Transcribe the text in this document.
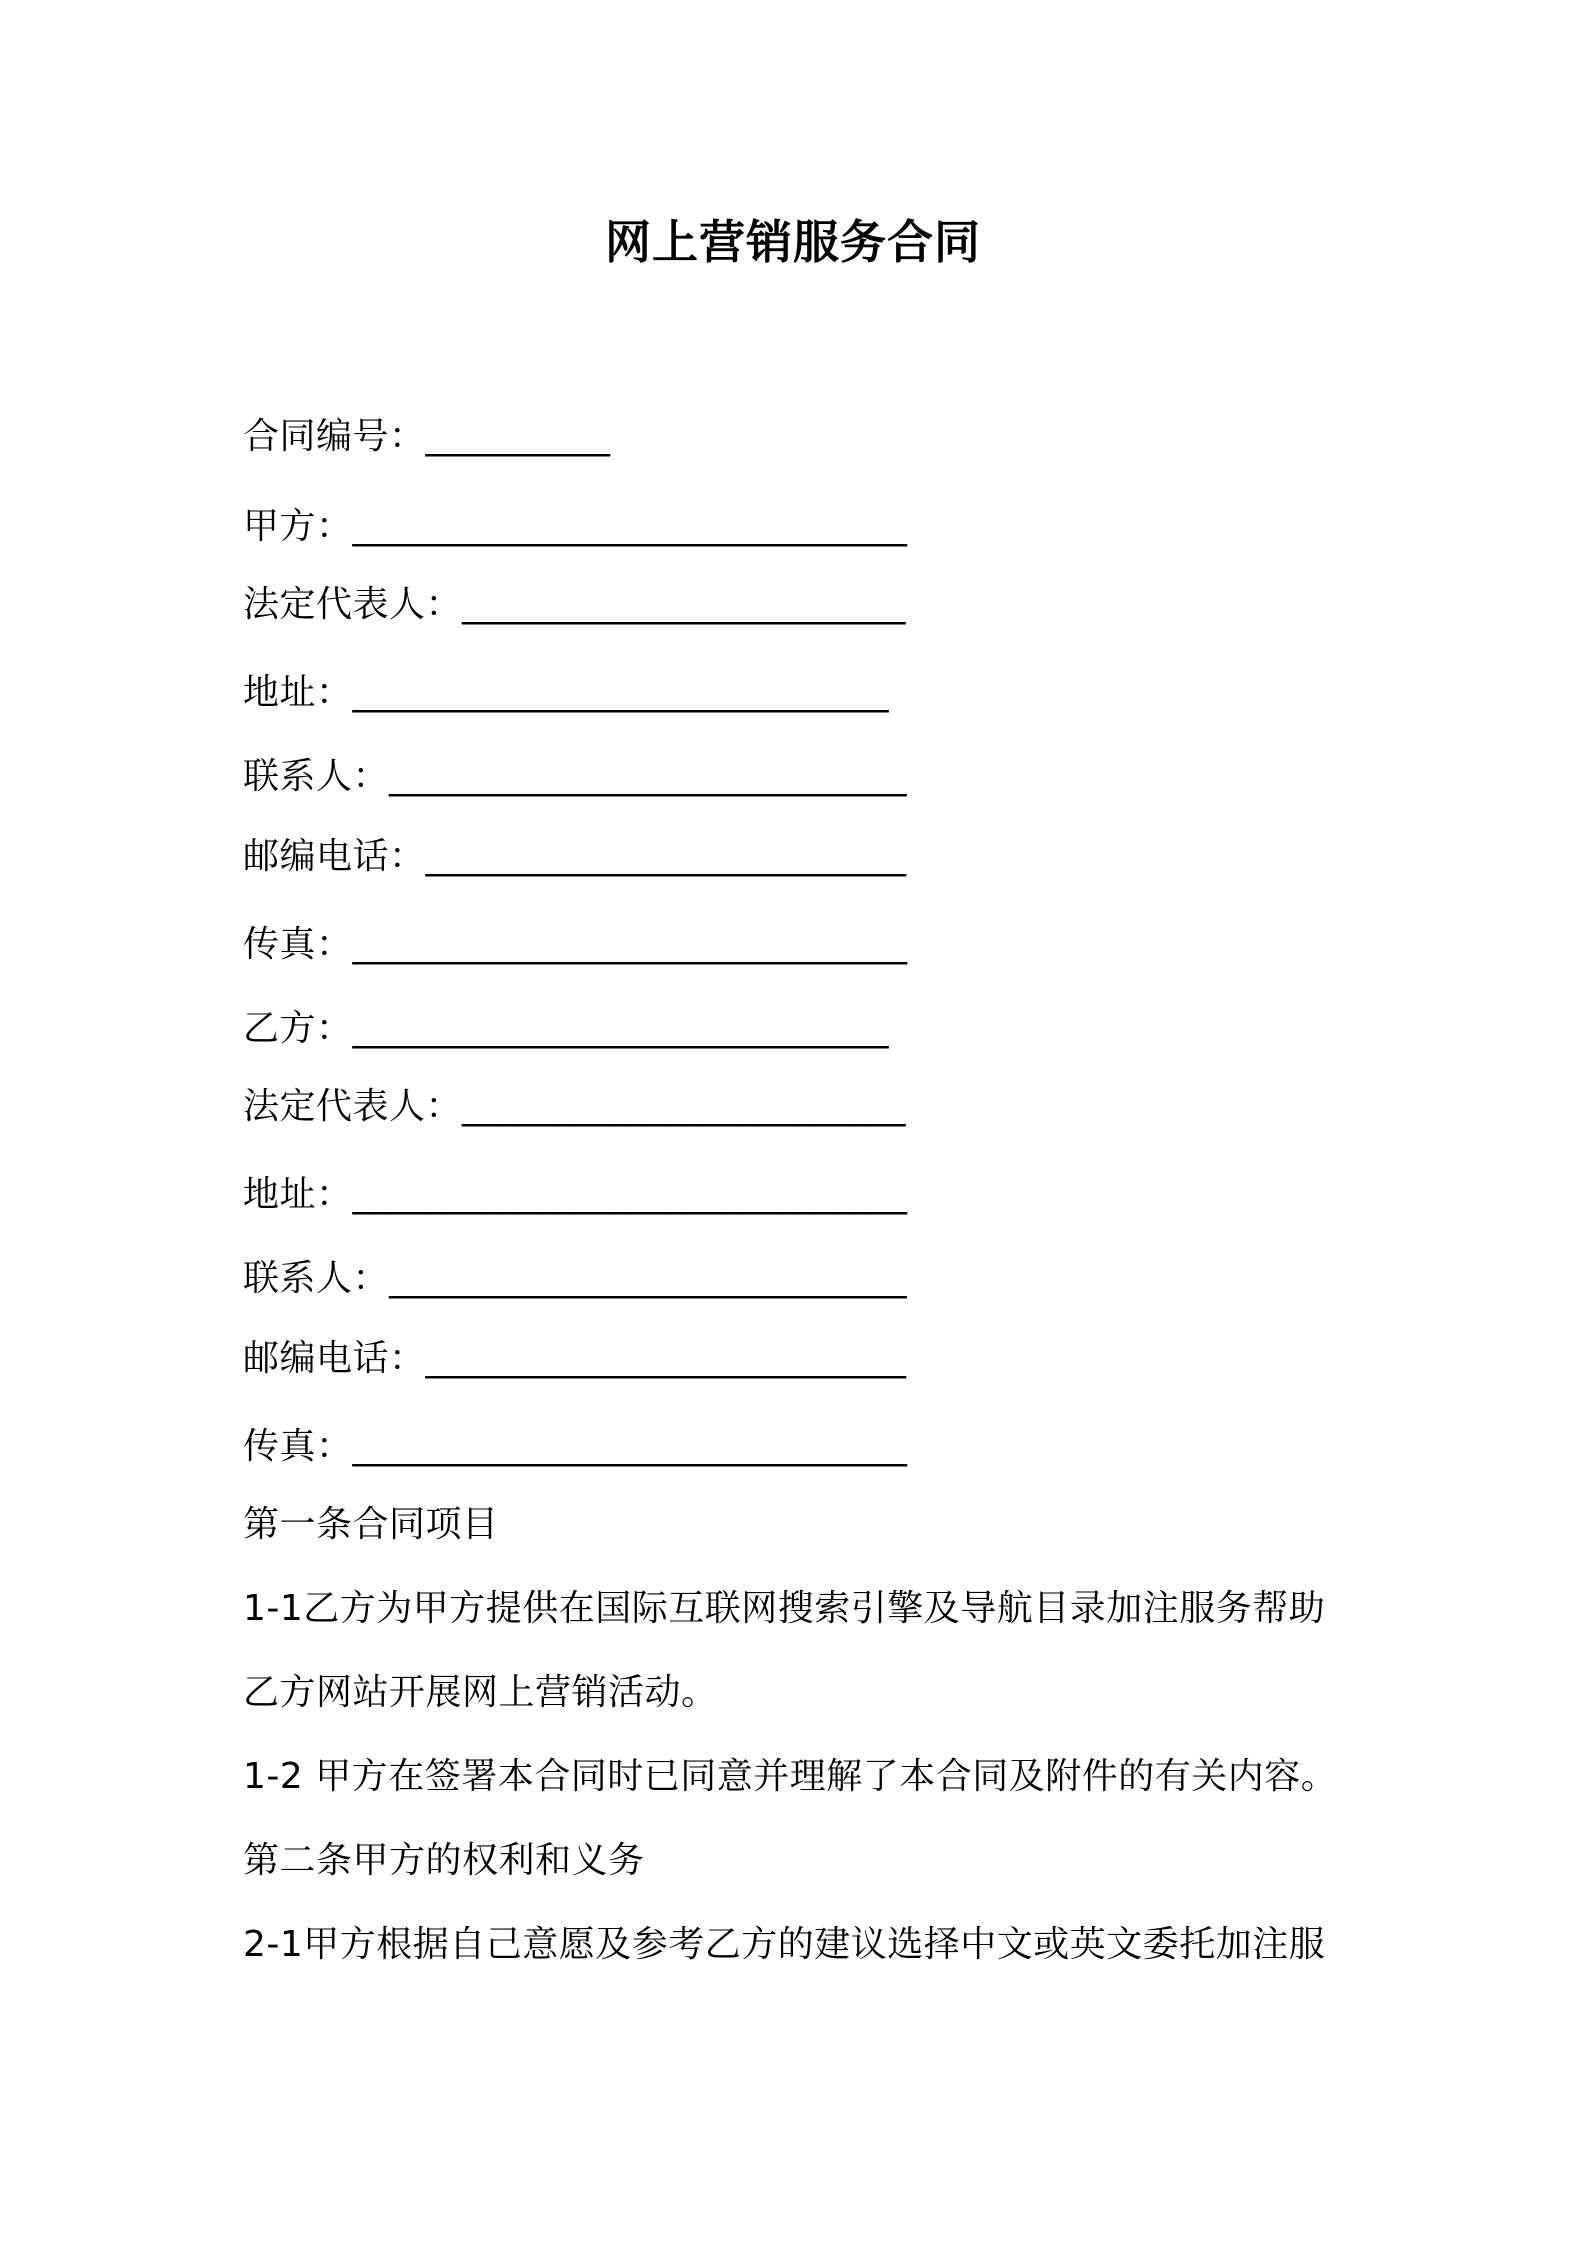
网上营销服务合同
合同编号：__________
甲方：______________________________
法定代表人：________________________
地址：_____________________________
联系人：____________________________
邮编电话：__________________________
传真：______________________________
乙方：_____________________________
法定代表人：________________________
地址：______________________________
联系人：____________________________
邮编电话：__________________________
传真：______________________________
第一条合同项目
1-1乙方为甲方提供在国际互联网搜索引擎及导航目录加注服务帮助
乙方网站开展网上营销活动。
1-2 甲方在签署本合同时已同意并理解了本合同及附件的有关内容。
第二条甲方的权利和义务
2-1甲方根据自己意愿及参考乙方的建议选择中文或英文委托加注服
